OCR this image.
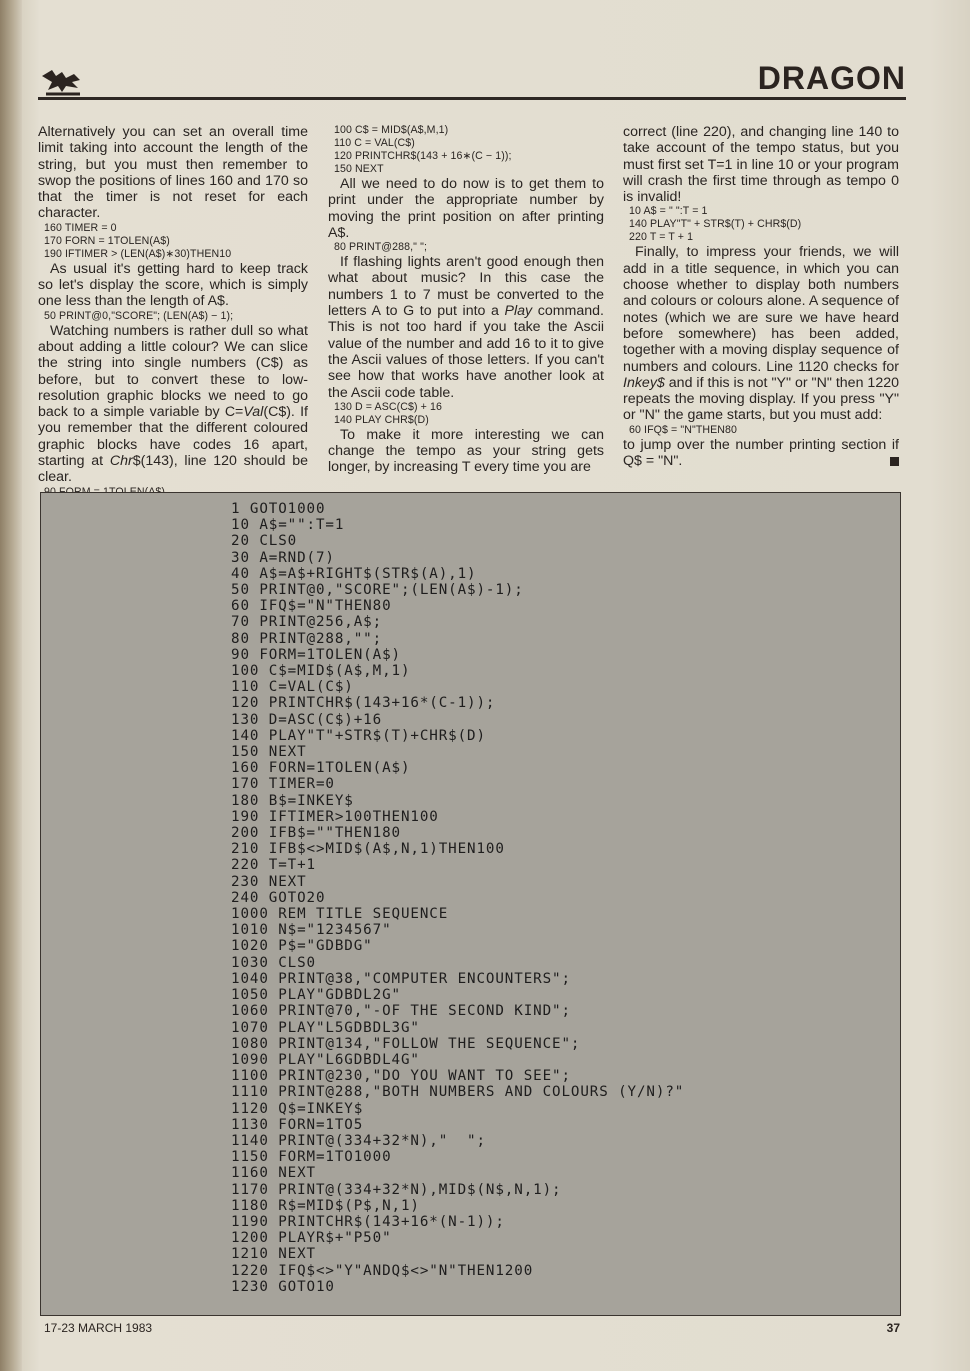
DRAGON

Alternatively you can set an overall time limit taking into account the length of the string, but you must then remember to swop the positions of lines 160 and 170 so that the timer is not reset for each character.

160 TIMER = 0
170 FORN = 1TOLEN(A$)
190 IFTIMER > (LEN(A$)∗30)THEN10

As usual it's getting hard to keep track so let's display the score, which is simply one less than the length of A$.

50 PRINT@0,"SCORE"; (LEN(A$) − 1);

Watching numbers is rather dull so what about adding a little colour? We can slice the string into single numbers (C$) as before, but to convert these to low-resolution graphic blocks we need to go back to a simple variable by C=Val(C$). If you remember that the different coloured graphic blocks have codes 16 apart, starting at Chr$(143), line 120 should be clear.

100 C$ = MID$(A$,M,1)
110 C = VAL(C$)
120 PRINTCHR$(143 + 16∗(C − 1));
150 NEXT

All we need to do now is to get them to print under the appropriate number by moving the print position on after printing A$.

80 PRINT@288," ";

If flashing lights aren't good enough then what about music? In this case the numbers 1 to 7 must be converted to the letters A to G to put into a Play command. This is not too hard if you take the Ascii value of the number and add 16 to it to give the Ascii values of those letters. If you can't see how that works have another look at the Ascii code table.

130 D = ASC(C$) + 16
140 PLAY CHR$(D)

To make it more interesting we can change the tempo as your string gets longer, by increasing T every time you are

correct (line 220), and changing line 140 to take account of the tempo status, but you must first set T=1 in line 10 or your program will crash the first time through as tempo 0 is invalid!

10 A$ = " ":T = 1
140 PLAY"T" + STR$(T) + CHR$(D)
220 T = T + 1

Finally, to impress your friends, we will add in a title sequence, in which you can choose whether to display both numbers and colours or colours alone. A sequence of notes (which we are sure we have heard before somewhere) has been added, together with a moving display sequence of numbers and colours. Line 1120 checks for Inkey$ and if this is not "Y" or "N" then 1220 repeats the moving display. If you press "Y" or "N" the game starts, but you must add:

60 IFQ$ = "N"THEN80

to jump over the number printing section if Q$ = "N".

1 GOTO1000
10 A$="":T=1
20 CLS0
30 A=RND(7)
40 A$=A$+RIGHT$(STR$(A),1)
50 PRINT@0,"SCORE";(LEN(A$)-1);
60 IFQ$="N"THEN80
70 PRINT@256,A$;
80 PRINT@288,"";
90 FORM=1TOLEN(A$)
100 C$=MID$(A$,M,1)
110 C=VAL(C$)
120 PRINTCHR$(143+16*(C-1));
130 D=ASC(C$)+16
140 PLAY"T"+STR$(T)+CHR$(D)
150 NEXT
160 FORN=1TOLEN(A$)
170 TIMER=0
180 B$=INKEY$
190 IFTIMER>100THEN100
200 IFB$=""THEN180
210 IFB$<>MID$(A$,N,1)THEN100
220 T=T+1
230 NEXT
240 GOTO20
1000 REM TITLE SEQUENCE
1010 N$="1234567"
1020 P$="GDBDG"
1030 CLS0
1040 PRINT@38,"COMPUTER ENCOUNTERS";
1050 PLAY"GDBDL2G"
1060 PRINT@70,"-OF THE SECOND KIND";
1070 PLAY"L5GDBDL3G"
1080 PRINT@134,"FOLLOW THE SEQUENCE";
1090 PLAY"L6GDBDL4G"
1100 PRINT@230,"DO YOU WANT TO SEE";
1110 PRINT@288,"BOTH NUMBERS AND COLOURS (Y/N)?"
1120 Q$=INKEY$
1130 FORN=1TO5
1140 PRINT@(334+32*N),"  ";
1150 FORM=1TO1000
1160 NEXT
1170 PRINT@(334+32*N),MID$(N$,N,1);
1180 R$=MID$(P$,N,1)
1190 PRINTCHR$(143+16*(N-1));
1200 PLAYR$+"P50"
1210 NEXT
1220 IFQ$<>"Y"ANDQ$<>"N"THEN1200
1230 GOTO10
17-23 MARCH 1983	37
